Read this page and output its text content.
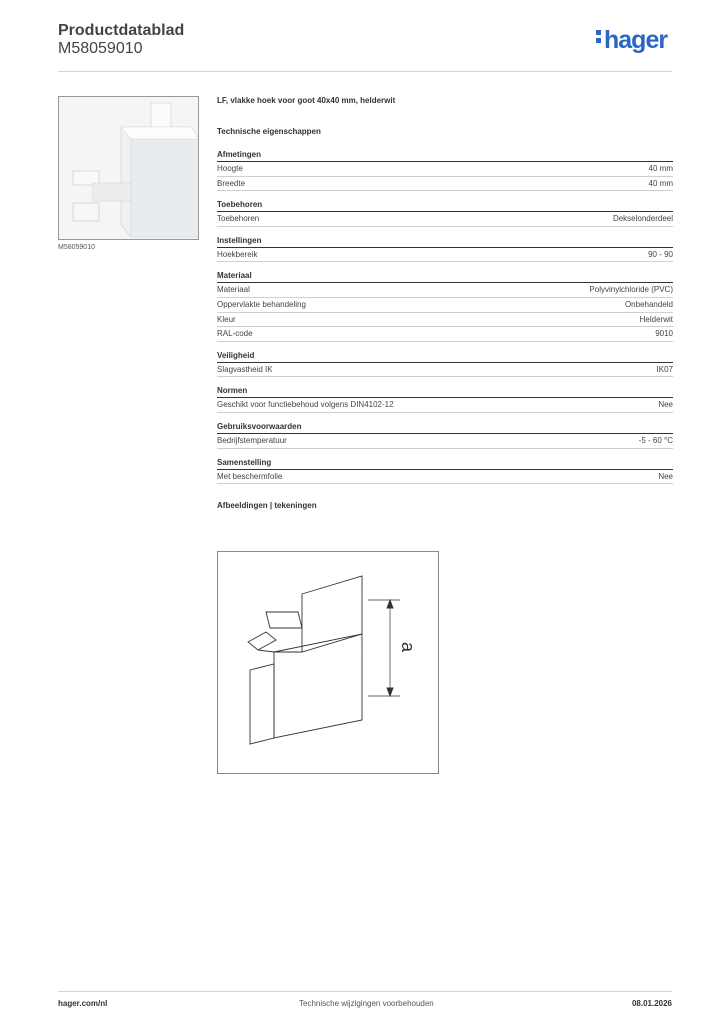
Productdatablad
M58059010	hager
M58059010
LF, vlakke hoek voor goot 40x40 mm, helderwit
Technische eigenschappen
Afmetingen
Hoogte	40 mm
Breedte	40 mm
Toebehoren
Toebehoren	Dekselonderdeel
Instellingen
Hoekbereik	90 - 90
Materiaal
Materiaal	Polyvinylchloride (PVC)
Oppervlakte behandeling	Onbehandeld
Kleur	Helderwit
RAL-code	9010
Veiligheid
Slagvastheid IK	IK07
Normen
Geschikt voor functiebehoud volgens DIN4102-12	Nee
Gebruiksvoorwaarden
Bedrijfstemperatuur	-5 - 60 °C
Samenstelling
Met beschermfolie	Nee
Afbeeldingen | tekeningen
a
hager.com/nl	Technische wijzigingen voorbehouden	08.01.2026
